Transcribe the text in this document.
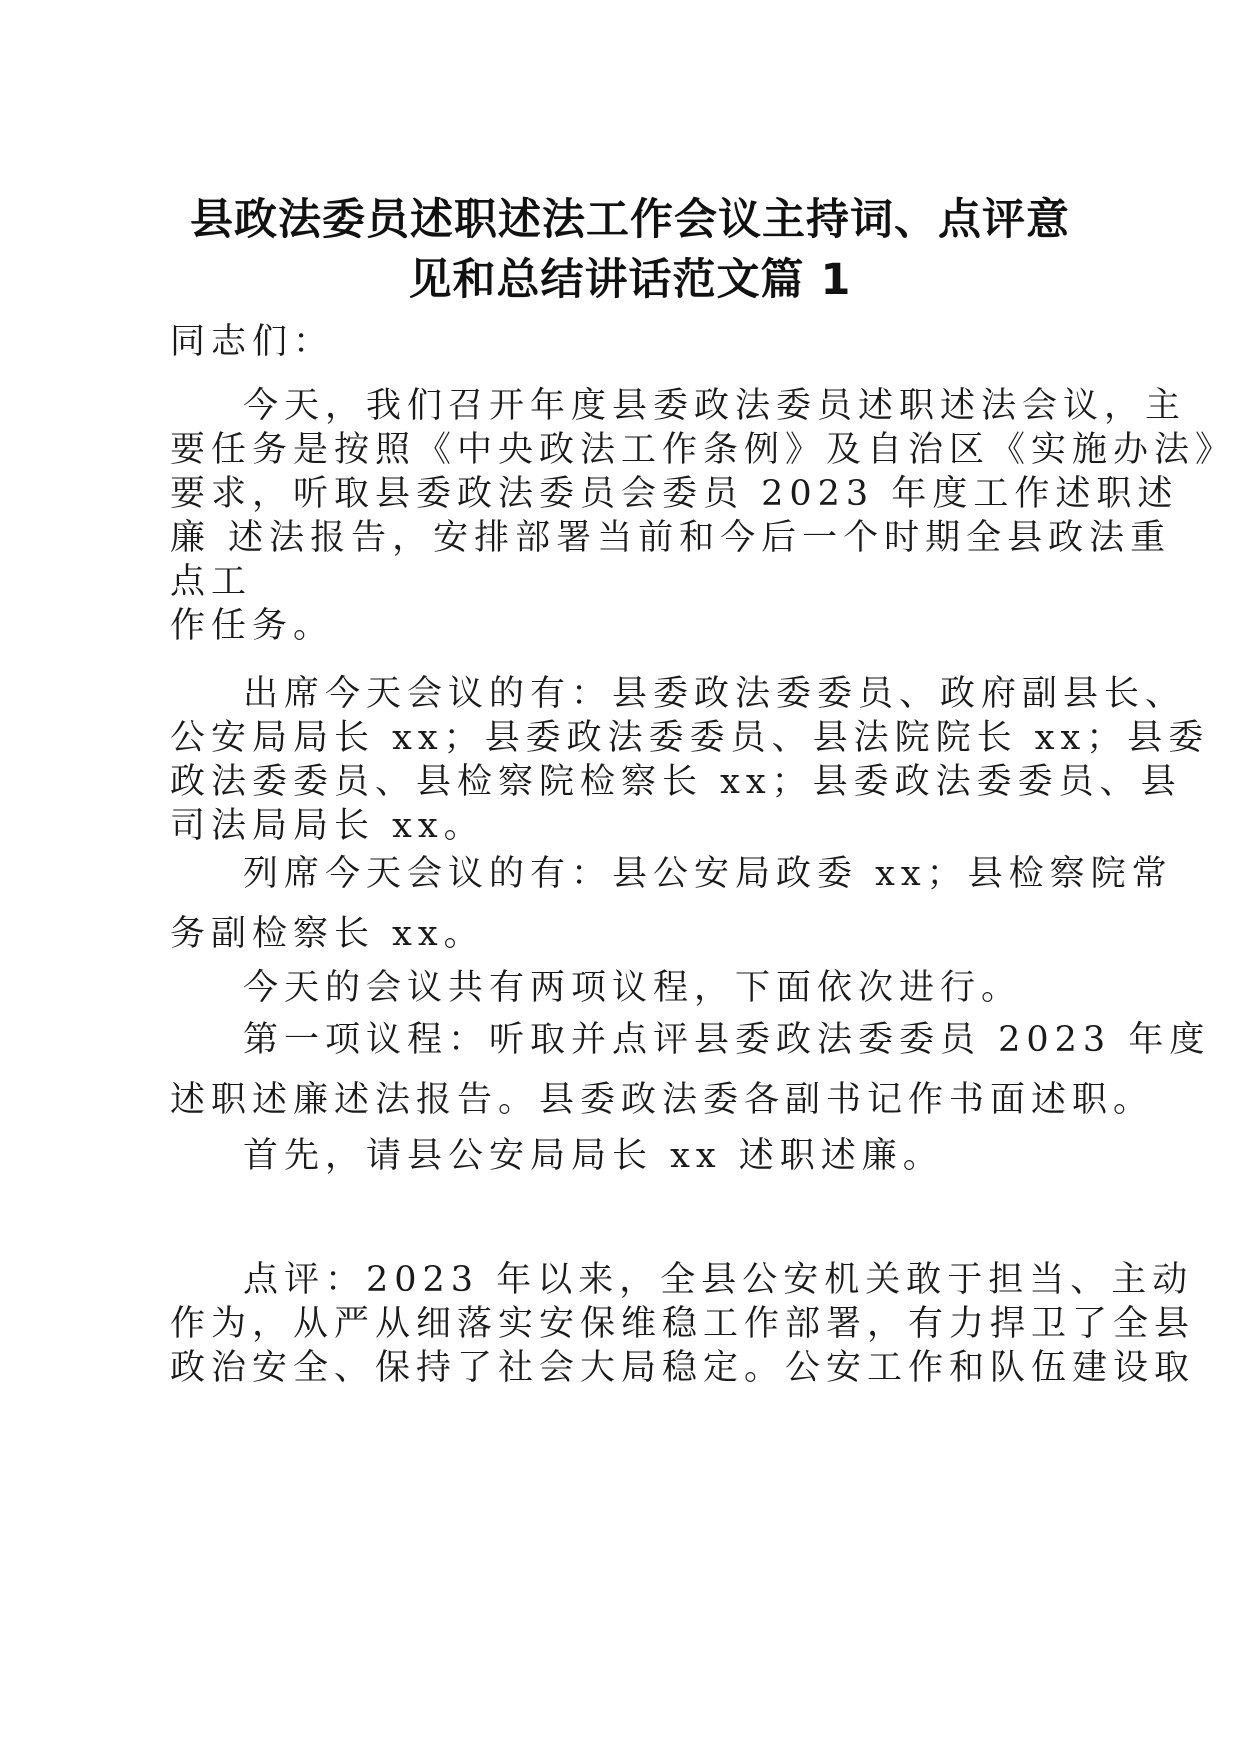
县政法委员述职述法工作会议主持词、点评意
见和总结讲话范文篇 1
同志们：
今天，我们召开年度县委政法委员述职述法会议，主
要任务是按照《中央政法工作条例》及自治区《实施办法》
要求，听取县委政法委员会委员 2023 年度工作述职述
廉 述法报告，安排部署当前和今后一个时期全县政法重
点工
作任务。
出席今天会议的有：县委政法委委员、政府副县长、
公安局局长 xx；县委政法委委员、县法院院长 xx；县委
政法委委员、县检察院检察长 xx；县委政法委委员、县
司法局局长 xx。
列席今天会议的有：县公安局政委 xx；县检察院常
务副检察长 xx。
今天的会议共有两项议程，下面依次进行。
第一项议程：听取并点评县委政法委委员 2023 年度
述职述廉述法报告。县委政法委各副书记作书面述职。
首先，请县公安局局长 xx 述职述廉。
点评：2023 年以来，全县公安机关敢于担当、主动
作为，从严从细落实安保维稳工作部署，有力捍卫了全县
政治安全、保持了社会大局稳定。公安工作和队伍建设取
